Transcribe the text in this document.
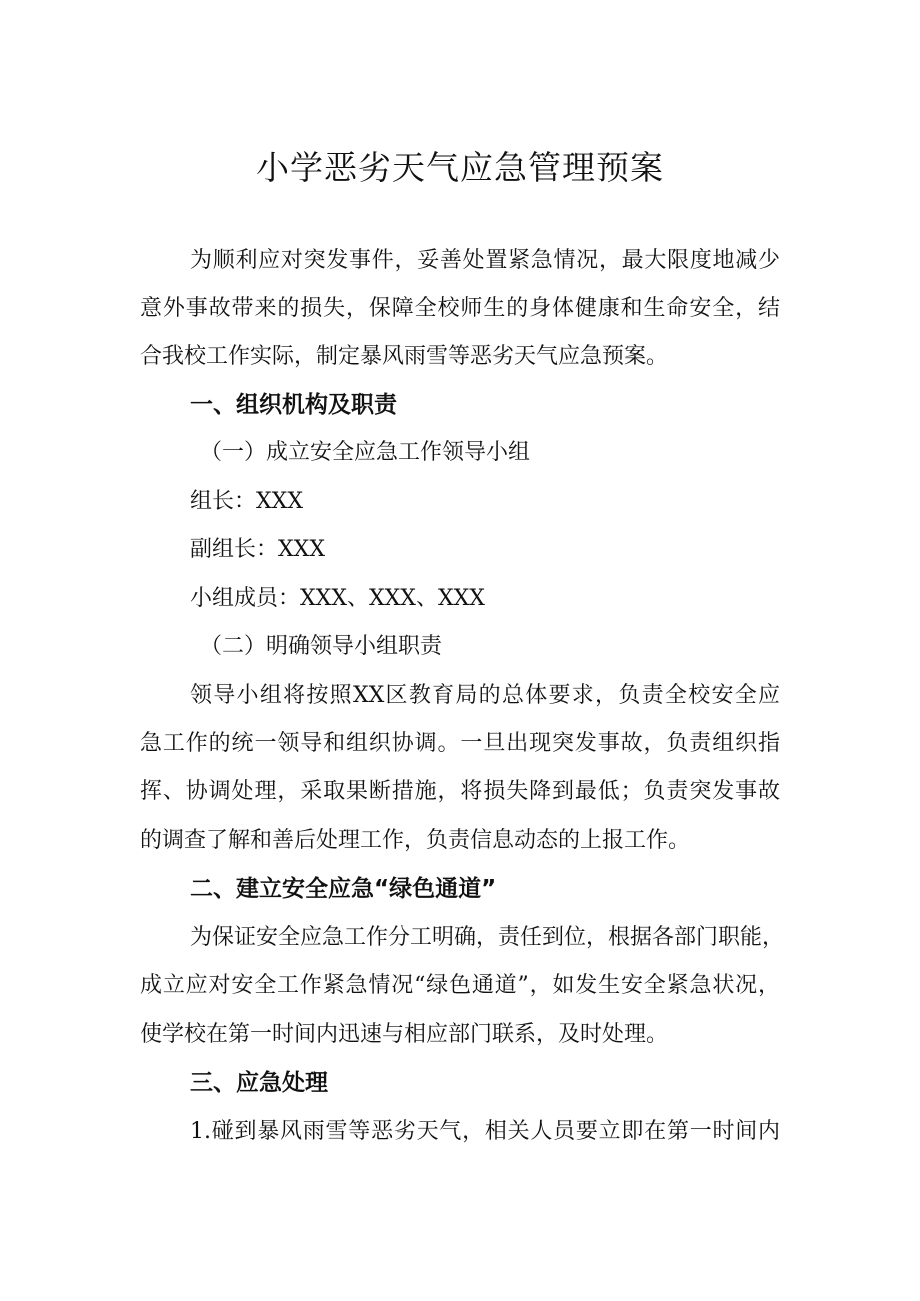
小学恶劣天气应急管理预案

为顺利应对突发事件，妥善处置紧急情况，最大限度地减少

意外事故带来的损失，保障全校师生的身体健康和生命安全，结

合我校工作实际，制定暴风雨雪等恶劣天气应急预案。

一、组织机构及职责

（一）成立安全应急工作领导小组

组长：XXX

副组长：XXX

小组成员：XXX、XXX、XXX

（二）明确领导小组职责

领导小组将按照XX区教育局的总体要求，负责全校安全应

急工作的统一领导和组织协调。一旦出现突发事故，负责组织指

挥、协调处理，采取果断措施，将损失降到最低；负责突发事故

的调查了解和善后处理工作，负责信息动态的上报工作。

二、建立安全应急“绿色通道”

为保证安全应急工作分工明确，责任到位，根据各部门职能，

成立应对安全工作紧急情况“绿色通道”，如发生安全紧急状况，

使学校在第一时间内迅速与相应部门联系，及时处理。

三、应急处理

1.碰到暴风雨雪等恶劣天气，相关人员要立即在第一时间内
